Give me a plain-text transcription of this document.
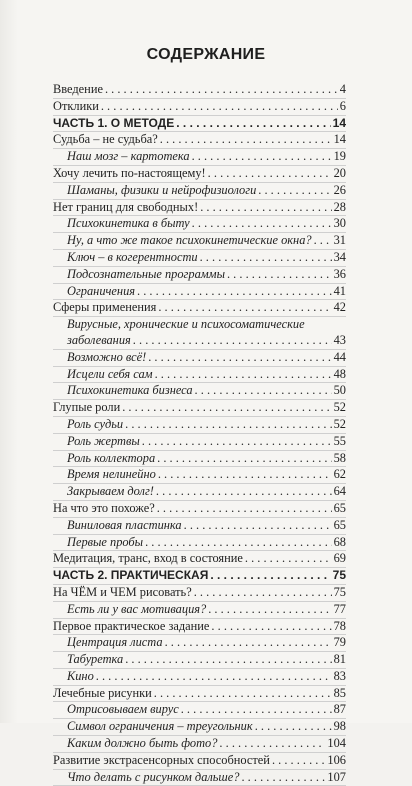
СОДЕРЖАНИЕ
Введение . . .	4
Отклики . . .	6
ЧАСТЬ 1. О МЕТОДЕ . . .	14
Судьба – не судьба? . . .	14
Наш мозг – картотека . . .	19
Хочу лечить по-настоящему! . . .	20
Шаманы, физики и нейрофизиологи . . .	26
Нет границ для свободных! . . .	28
Психокинетика в быту . . .	30
Ну, а что же такое психокинетические окна? . . . 31
Ключ – в когерентности . . .	34
Подсознательные программы . . .	36
Ограничения . . .	41
Сферы применения . . .	42
Вирусные, хронические и психосоматические
заболевания . . .	43
Возможно всё! . . .	44
Исцели себя сам . . .	48
Психокинетика бизнеса . . .	50
Глупые роли . . .	52
Роль судьи . . .	52
Роль жертвы . . .	55
Роль коллектора . . .	58
Время нелинейно . . .	62
Закрываем долг! . . .	64
На что это похоже? . . .	65
Виниловая пластинка . . .	65
Первые пробы . . .	68
Медитация, транс, вход в состояние . . .	69
ЧАСТЬ 2. ПРАКТИЧЕСКАЯ . . .	75
На ЧЁМ и ЧЕМ рисовать? . . .	75
Есть ли у вас мотивация? . . .	77
Первое практическое задание . . .	78
Центрация листа . . .	79
Табуретка . . .	81
Кино . . .	83
Лечебные рисунки . . .	85
Отрисовываем вирус . . .	87
Символ ограничения – треугольник . . .	98
Каким должно быть фото? . . .	104
Развитие экстрасенсорных способностей . . .	106
Что делать с рисунком дальше? . . .	107
